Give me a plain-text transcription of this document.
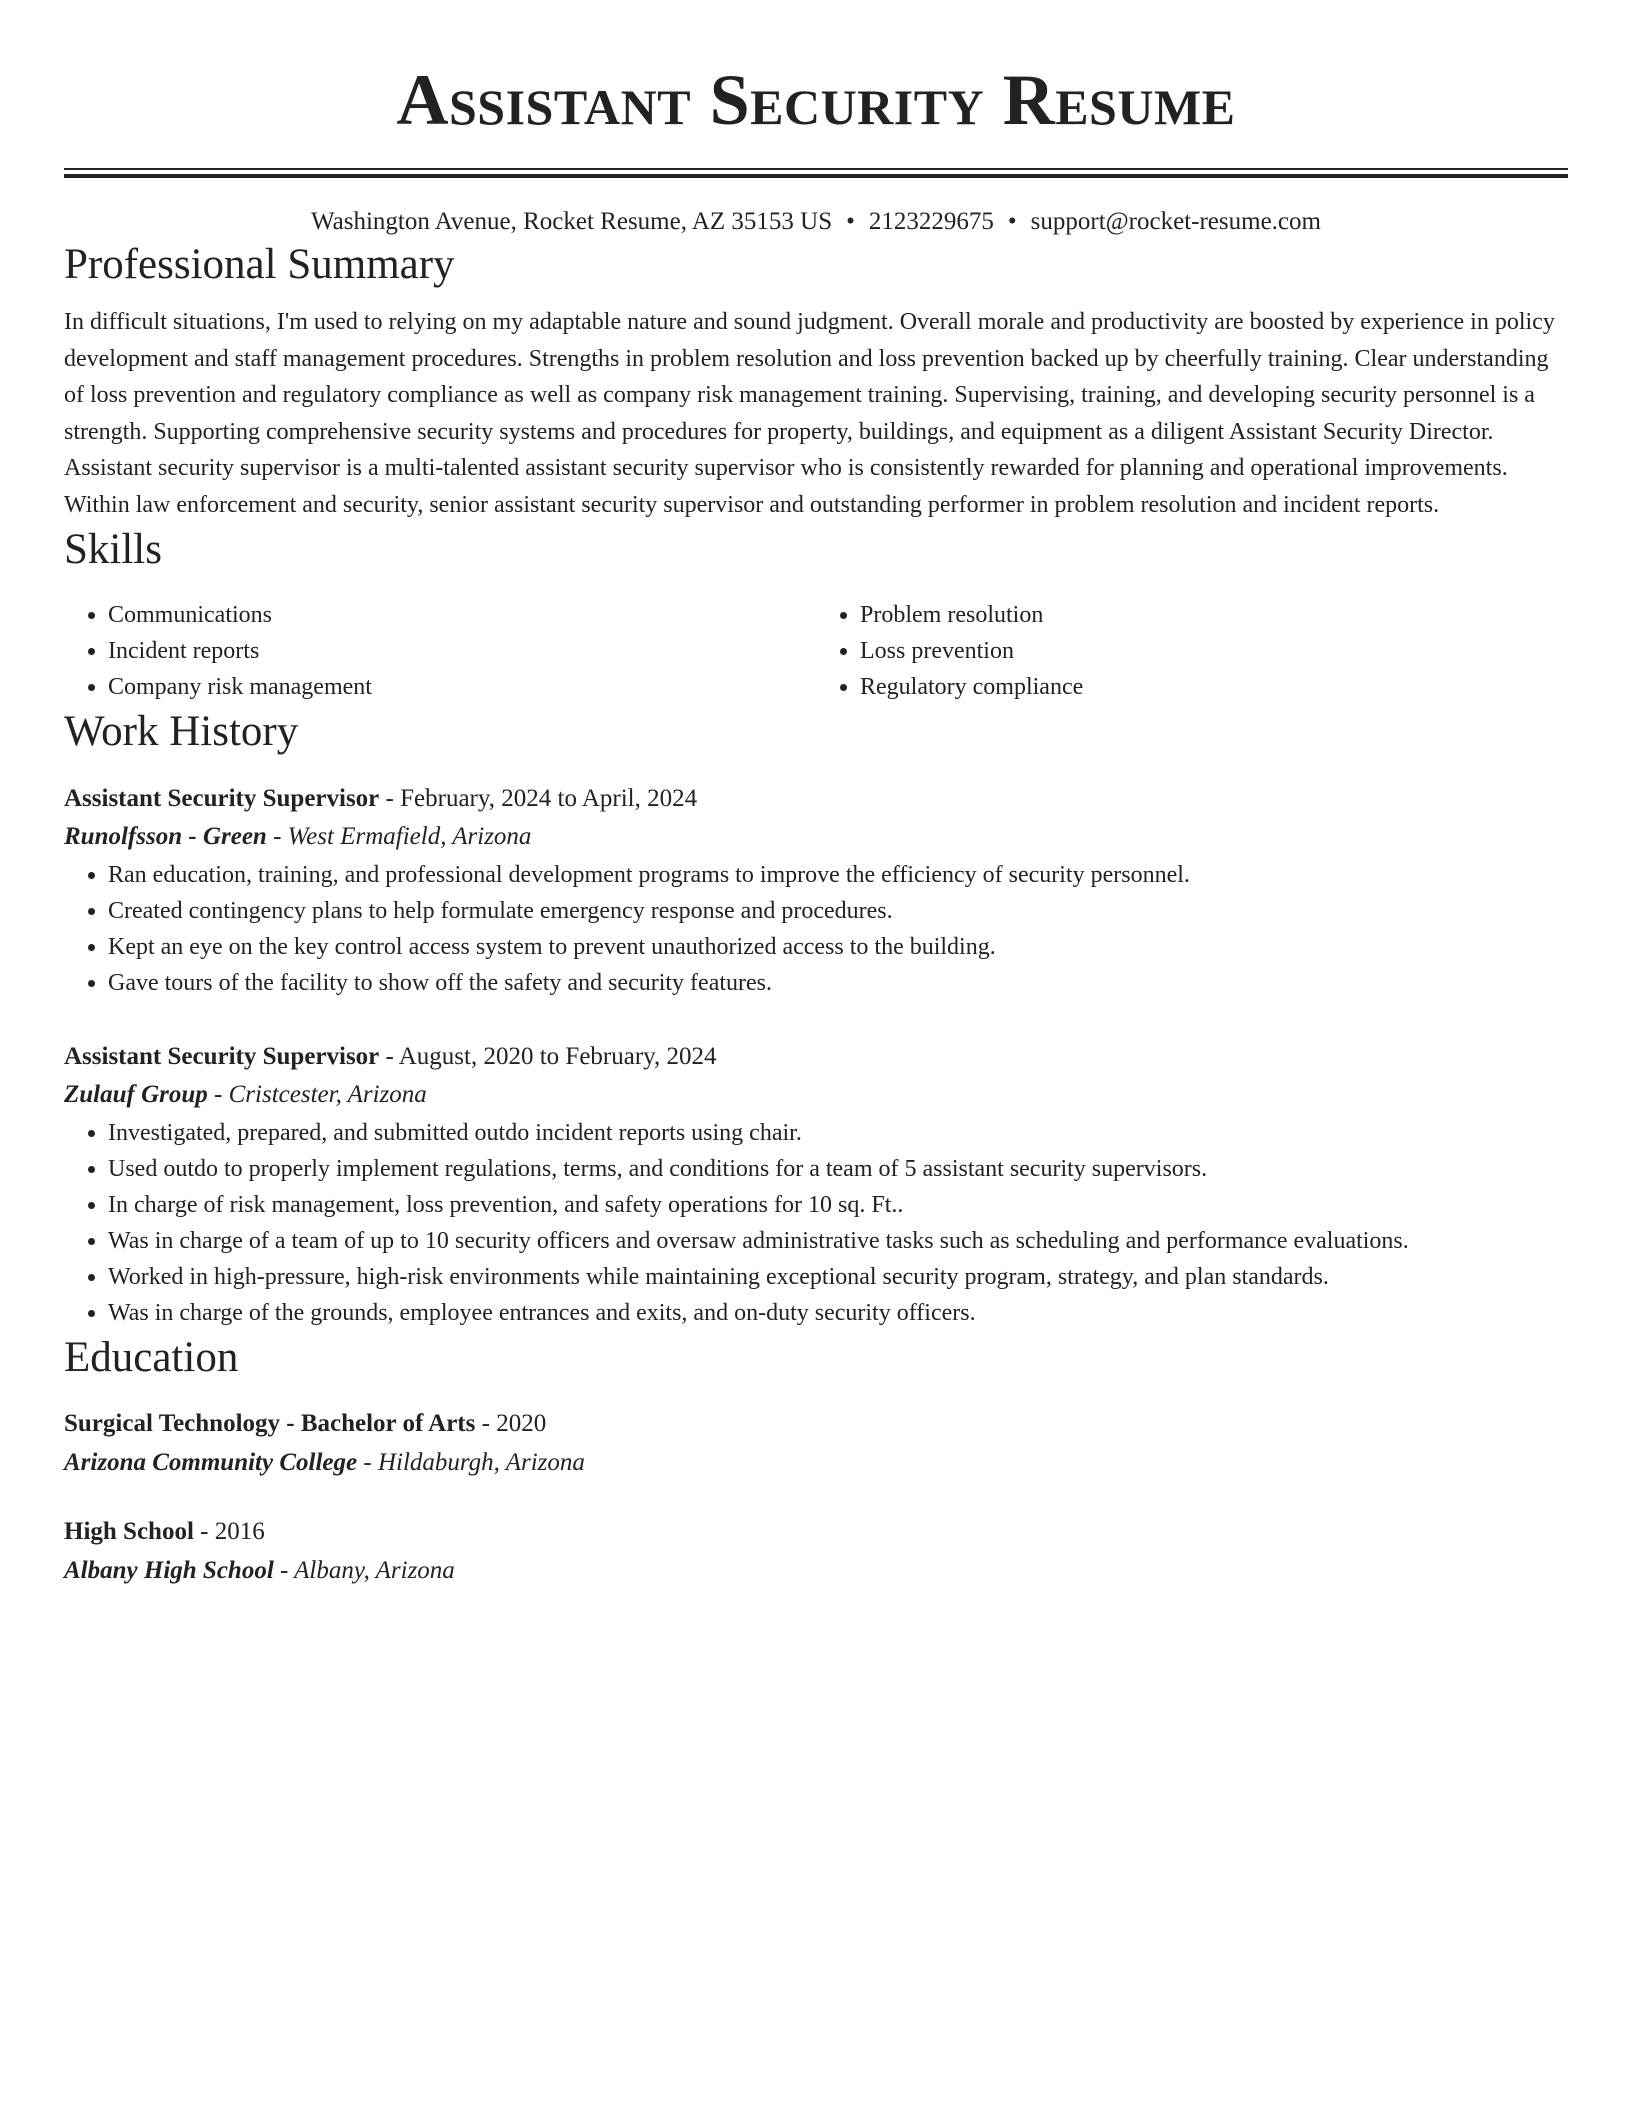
Assistant Security Resume
Washington Avenue, Rocket Resume, AZ 35153 US • 2123229675 • support@rocket-resume.com
Professional Summary

In difficult situations, I'm used to relying on my adaptable nature and sound judgment. Overall morale and productivity are boosted by experience in policy development and staff management procedures. Strengths in problem resolution and loss prevention backed up by cheerfully training. Clear understanding of loss prevention and regulatory compliance as well as company risk management training. Supervising, training, and developing security personnel is a strength. Supporting comprehensive security systems and procedures for property, buildings, and equipment as a diligent Assistant Security Director. Assistant security supervisor is a multi-talented assistant security supervisor who is consistently rewarded for planning and operational improvements. Within law enforcement and security, senior assistant security supervisor and outstanding performer in problem resolution and incident reports.

Skills
• Communications
• Incident reports
• Company risk management
• Problem resolution
• Loss prevention
• Regulatory compliance
Work History
Assistant Security Supervisor - February, 2024 to April, 2024
Runolfsson - Green - West Ermafield, Arizona
• Ran education, training, and professional development programs to improve the efficiency of security personnel.
• Created contingency plans to help formulate emergency response and procedures.
• Kept an eye on the key control access system to prevent unauthorized access to the building.
• Gave tours of the facility to show off the safety and security features.
Assistant Security Supervisor - August, 2020 to February, 2024
Zulauf Group - Cristcester, Arizona
• Investigated, prepared, and submitted outdo incident reports using chair.
• Used outdo to properly implement regulations, terms, and conditions for a team of 5 assistant security supervisors.
• In charge of risk management, loss prevention, and safety operations for 10 sq. Ft..
• Was in charge of a team of up to 10 security officers and oversaw administrative tasks such as scheduling and performance evaluations.
• Worked in high-pressure, high-risk environments while maintaining exceptional security program, strategy, and plan standards.
• Was in charge of the grounds, employee entrances and exits, and on-duty security officers.
Education
Surgical Technology - Bachelor of Arts - 2020
Arizona Community College - Hildaburgh, Arizona
High School - 2016
Albany High School - Albany, Arizona
